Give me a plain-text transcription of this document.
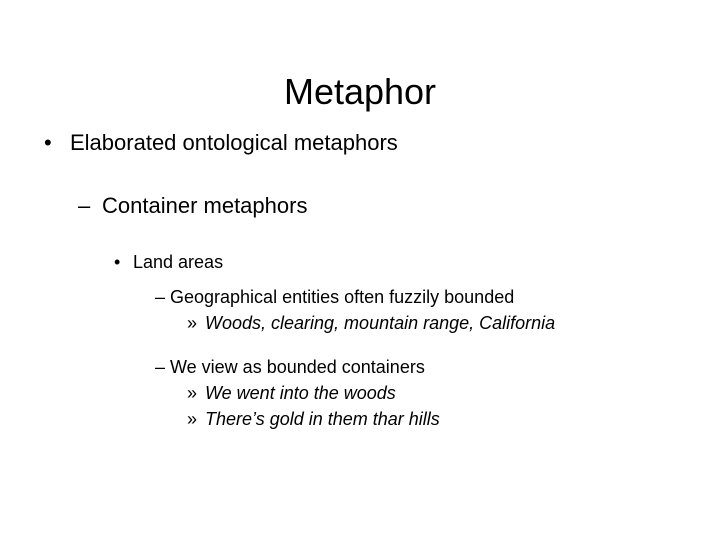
Metaphor
• Elaborated ontological metaphors
– Container metaphors
• Land areas
– Geographical entities often fuzzily bounded
» Woods, clearing, mountain range, California
– We view as bounded containers
» We went into the woods
» There’s gold in them thar hills
